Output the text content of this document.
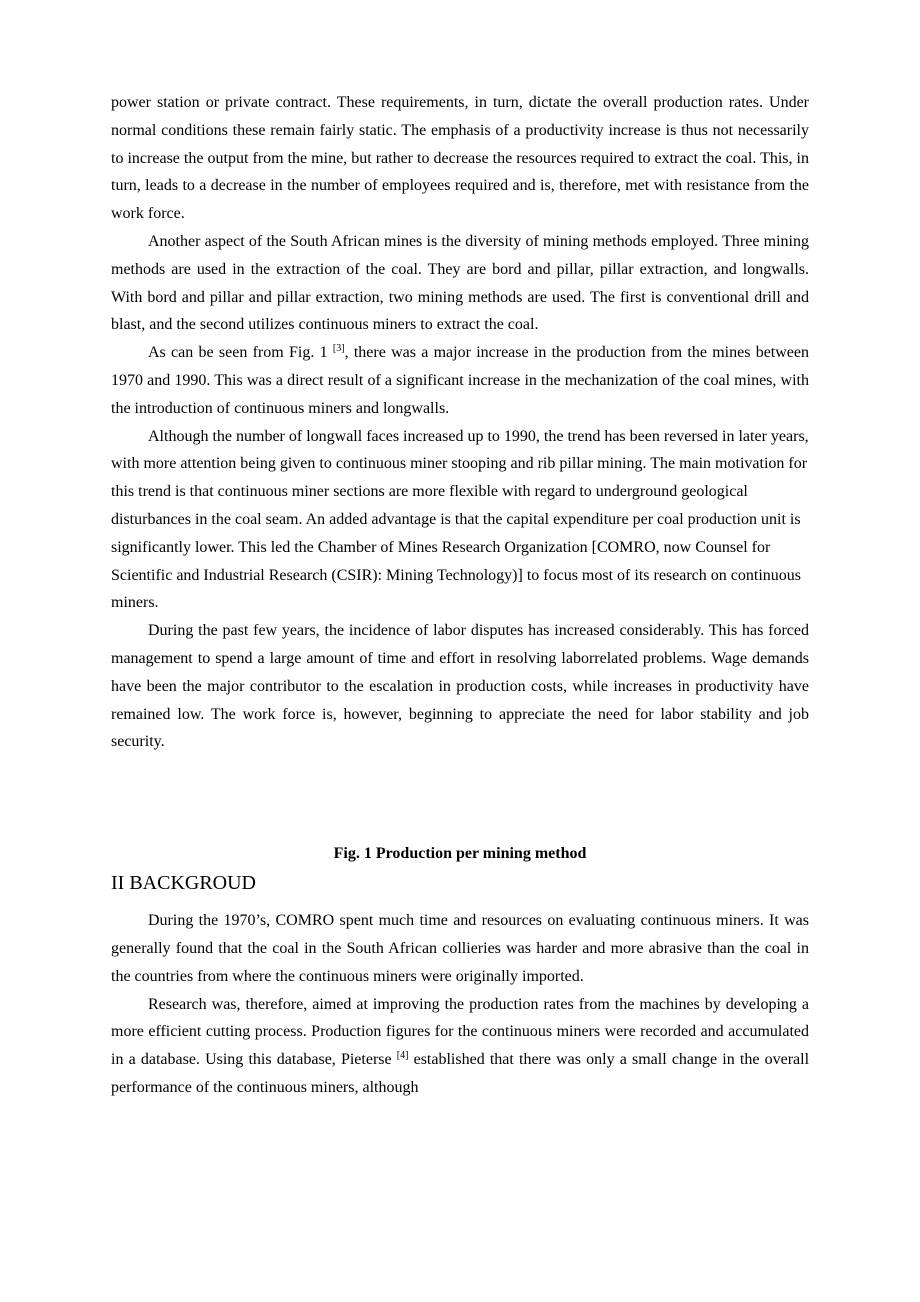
power station or private contract. These requirements, in turn, dictate the overall production rates. Under normal conditions these remain fairly static. The emphasis of a productivity increase is thus not necessarily to increase the output from the mine, but rather to decrease the resources required to extract the coal. This, in turn, leads to a decrease in the number of employees required and is, therefore, met with resistance from the work force.

Another aspect of the South African mines is the diversity of mining methods employed. Three mining methods are used in the extraction of the coal. They are bord and pillar, pillar extraction, and longwalls. With bord and pillar and pillar extraction, two mining methods are used. The first is conventional drill and blast, and the second utilizes continuous miners to extract the coal.

As can be seen from Fig. 1 [3], there was a major increase in the production from the mines between 1970 and 1990. This was a direct result of a significant increase in the mechanization of the coal mines, with the introduction of continuous miners and longwalls.

Although the number of longwall faces increased up to 1990, the trend has been reversed in later years, with more attention being given to continuous miner stooping and rib pillar mining. The main motivation for this trend is that continuous miner sections are more flexible with regard to underground geological disturbances in the coal seam. An added advantage is that the capital expenditure per coal production unit is significantly lower. This led the Chamber of Mines Research Organization [COMRO, now Counsel for Scientific and Industrial Research (CSIR): Mining Technology)] to focus most of its research on continuous miners.

During the past few years, the incidence of labor disputes has increased considerably. This has forced management to spend a large amount of time and effort in resolving laborrelated problems. Wage demands have been the major contributor to the escalation in production costs, while increases in productivity have remained low. The work force is, however, beginning to appreciate the need for labor stability and job security.

Fig. 1 Production per mining method

II BACKGROUD

During the 1970’s, COMRO spent much time and resources on evaluating continuous miners. It was generally found that the coal in the South African collieries was harder and more abrasive than the coal in the countries from where the continuous miners were originally imported.

Research was, therefore, aimed at improving the production rates from the machines by developing a more efficient cutting process. Production figures for the continuous miners were recorded and accumulated in a database. Using this database, Pieterse [4] established that there was only a small change in the overall performance of the continuous miners, although
